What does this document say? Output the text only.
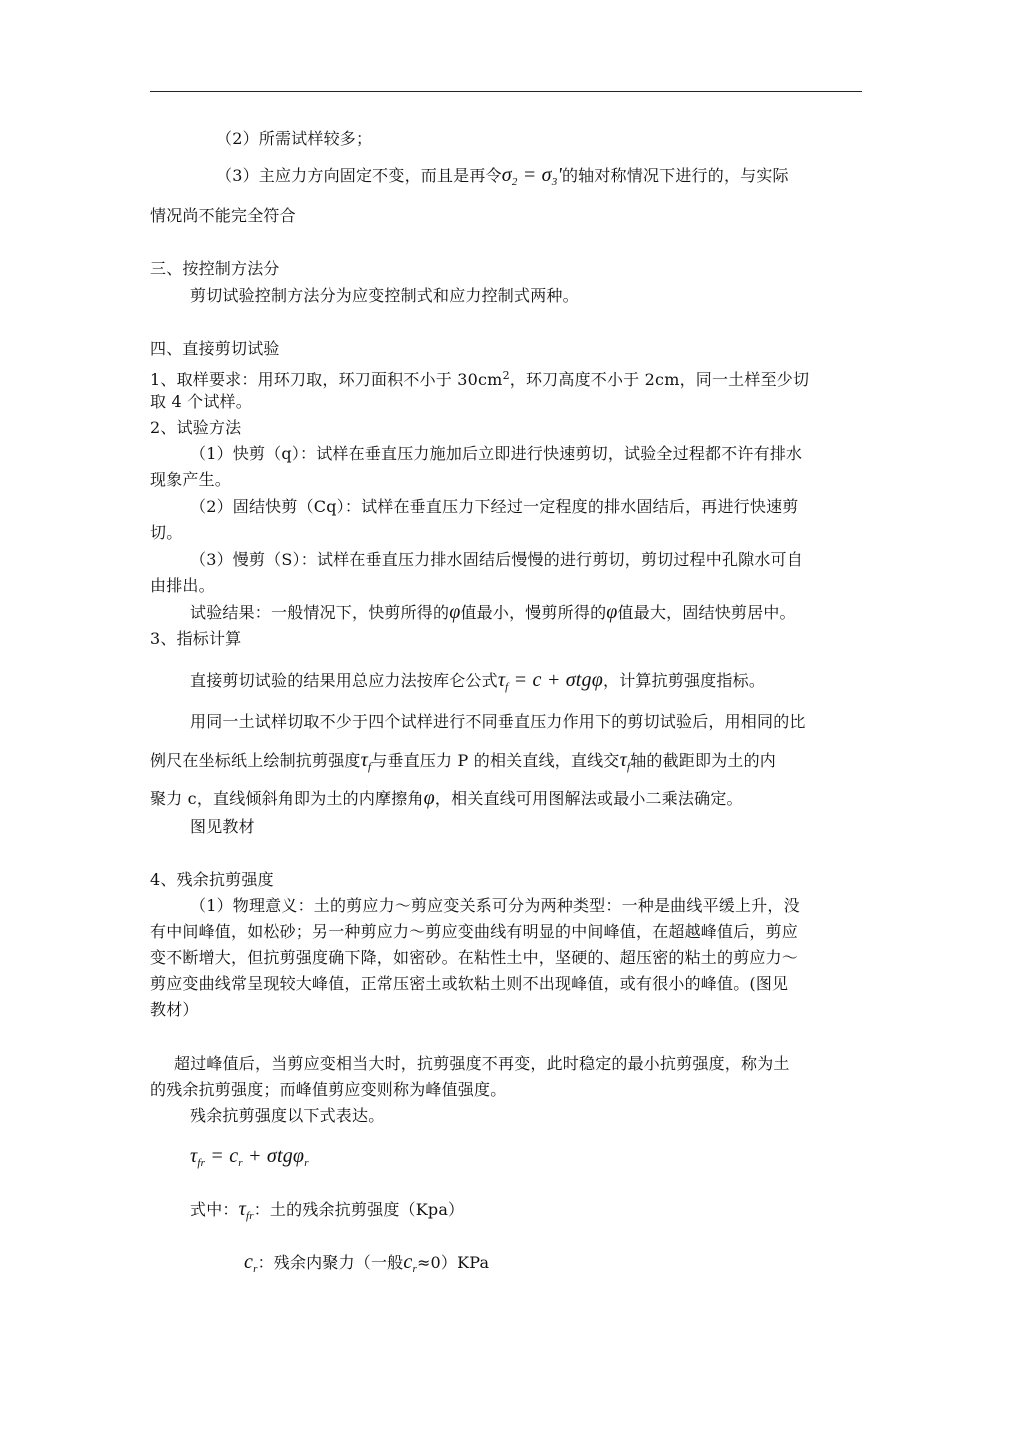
（2）所需试样较多；
（3）主应力方向固定不变，而且是再令$\sigma_2 = \sigma_3'$的轴对称情况下进行的，与实际
情况尚不能完全符合
三、按控制方法分
剪切试验控制方法分为应变控制式和应力控制式两种。
四、直接剪切试验
1、取样要求：用环刀取，环刀面积不小于 $30cm^2$，环刀高度不小于 2cm，同一土样至少切
取 4 个试样。
2、试验方法
（1）快剪（q）：试样在垂直压力施加后立即进行快速剪切，试验全过程都不许有排水
现象产生。
（2）固结快剪（Cq）：试样在垂直压力下经过一定程度的排水固结后，再进行快速剪
切。
（3）慢剪（S）：试样在垂直压力排水固结后慢慢的进行剪切，剪切过程中孔隙水可自
由排出。
试验结果：一般情况下，快剪所得的φ值最小，慢剪所得的φ值最大，固结快剪居中。
3、指标计算
直接剪切试验的结果用总应力法按库仑公式$\tau_f = c + \sigma tg\varphi$，计算抗剪强度指标。
用同一土试样切取不少于四个试样进行不同垂直压力作用下的剪切试验后，用相同的比
例尺在坐标纸上绘制抗剪强度$\tau_f$与垂直压力 P 的相关直线，直线交$\tau_f$轴的截距即为土的内
聚力 c，直线倾斜角即为土的内摩擦角φ，相关直线可用图解法或最小二乘法确定。
图见教材
4、残余抗剪强度
（1）物理意义：土的剪应力～剪应变关系可分为两种类型：一种是曲线平缓上升，没
有中间峰值，如松砂；另一种剪应力～剪应变曲线有明显的中间峰值，在超越峰值后，剪应
变不断增大，但抗剪强度确下降，如密砂。在粘性土中，坚硬的、超压密的粘土的剪应力～
剪应变曲线常呈现较大峰值，正常压密土或软粘土则不出现峰值，或有很小的峰值。(图见
教材）
超过峰值后，当剪应变相当大时，抗剪强度不再变，此时稳定的最小抗剪强度，称为土
的残余抗剪强度；而峰值剪应变则称为峰值强度。
残余抗剪强度以下式表达。
$\tau_{fr} = c_r + \sigma tg\varphi_r$
式中：$\tau_{fr}$：土的残余抗剪强度（Kpa）
$c_r$：残余内聚力（一般$c_r\approx 0)KPa$
